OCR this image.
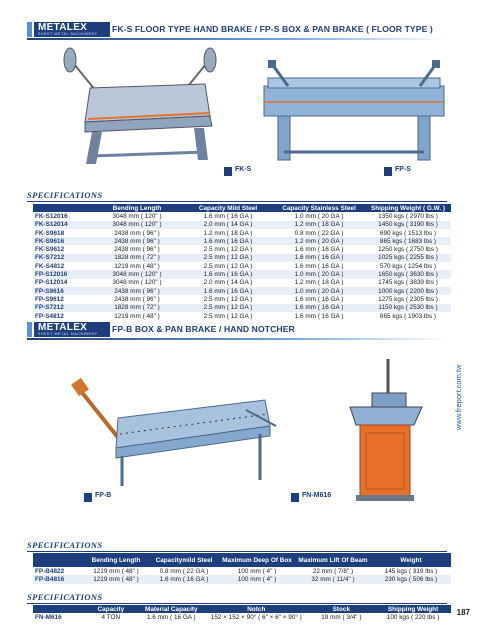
METALEX
SHEET METAL MACHINERY FK-S FLOOR TYPE HAND BRAKE / FP-S BOX & PAN BRAKE ( FLOOR TYPE )
FK-S	FP-S
SPECIFICATIONS
	Bending Length	Capacity Mild Steel	Capacity Stainless Steel	Shipping Weight ( G.W. )
FK-S12016	3048 mm ( 120" )	1.6 mm ( 16 GA )	1.0 mm ( 20 GA )	1350 kgs ( 2970 lbs )
FK-S12014	3048 mm ( 120" )	2.0 mm ( 14 GA )	1.2 mm ( 18 GA )	1450 kgs ( 3190 lbs )
FK-S9618	2438 mm ( 96" )	1.2 mm ( 18 GA )	0.8 mm ( 22 GA )	690 kgs ( 1513 lbs )
FK-S9616	2438 mm ( 96" )	1.6 mm ( 16 GA )	1.2 mm ( 20 GA )	865 kgs ( 1683 lbs )
FK-S9612	2438 mm ( 96" )	2.5 mm ( 12 GA )	1.6 mm ( 16 GA )	1250 kgs ( 2750 lbs )
FK-S7212	1828 mm ( 72" )	2.5 mm ( 12 GA )	1.6 mm ( 16 GA )	1025 kgs ( 2255 lbs )
FK-S4812	1219 mm ( 48" )	2.5 mm ( 12 GA )	1.6 mm ( 16 GA )	570 kgs ( 1254 lbs )
FP-S12016	3048 mm ( 120" )	1.6 mm ( 16 GA )	1.0 mm ( 20 GA )	1650 kgs ( 3630 lbs )
FP-S12014	3048 mm ( 120" )	2.0 mm ( 14 GA )	1.2 mm ( 18 GA )	1745 kgs ( 3839 lbs )
FP-S9616	2438 mm ( 96" )	1.6 mm ( 16 GA )	1.0 mm ( 20 GA )	1000 kgs ( 2200 lbs )
FP-S9612	2438 mm ( 96" )	2.5 mm ( 12 GA )	1.6 mm ( 16 GA )	1275 kgs ( 2305 lbs )
FP-S7212	1828 mm ( 72" )	2.5 mm ( 12 GA )	1.6 mm ( 16 GA )	1150 kgs ( 2530 lbs )
FP-S4812	1219 mm ( 48" )	2.5 mm ( 12 GA )	1.6 mm ( 16 GA )	865 kgs ( 1903 lbs )
METALEX
SHEET METAL MACHINERY FP-B BOX & PAN BRAKE / HAND NOTCHER
FP-B	FN-M616
SPECIFICATIONS
	Bending Length	Capacitymild Steel	Maximum Deep Of Box	Maximum Lift Of Beam	Weight
FP-B4822	1219 mm ( 48" )	0.8 mm ( 22 GA )	100 mm ( 4" )	22 mm ( 7/8" )	145 kgs ( 319 lbs )
FP-B4816	1219 mm ( 48" )	1.6 mm ( 16 GA )	100 mm ( 4" )	32 mm ( 11/4" )	230 kgs ( 506 lbs )
SPECIFICATIONS
	Capacity	Material Capacity	Notch	Stock	Shipping Weight
FN-M616	4 TON	1.6 mm ( 16 GA )	152 × 152 × 90° ( 6" × 6" × 90° )	19 mm ( 3/4" )	100 kgs ( 220 lbs )
www.freport.com.tw
187
